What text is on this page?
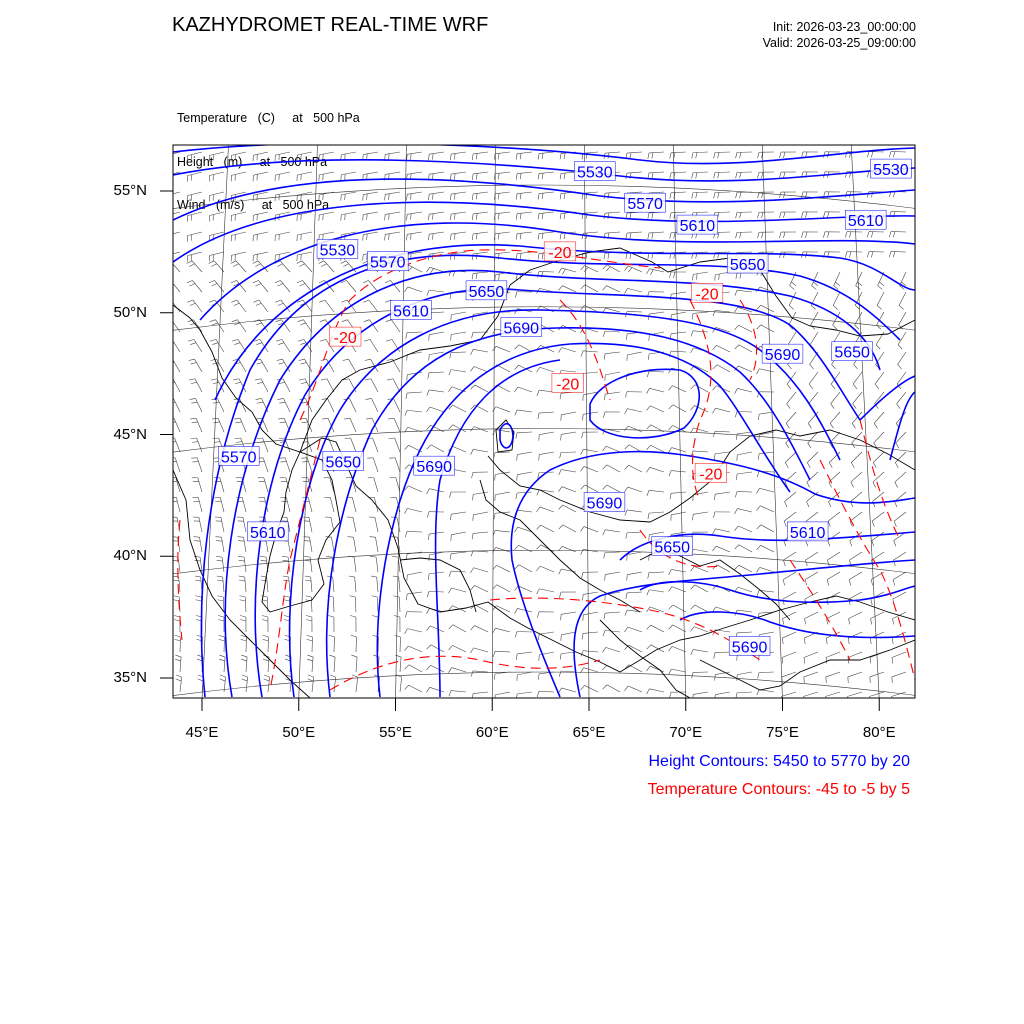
KAZHYDROMET REAL-TIME WRF	Init: 2026-03-23_00:00:00
Valid: 2026-03-25_09:00:00

Temperature   (C)     at   500 hPa

Height   (m)     at   500 hPa

Wind   (m/s)     at   500 hPa

5530	5530
5570
5610	5610
5530
5570	5650
5650
5610
5690
5690 5650
5570	5650	5690
5690
5610	5610
5650
5690
-20
-20
-20
-20
-20
55°N
50°N
45°N
40°N
35°N
45°E	50°E	55°E	60°E	65°E	70°E	75°E	80°E
Height Contours: 5450 to 5770 by 20
Temperature Contours: -45 to -5 by 5
